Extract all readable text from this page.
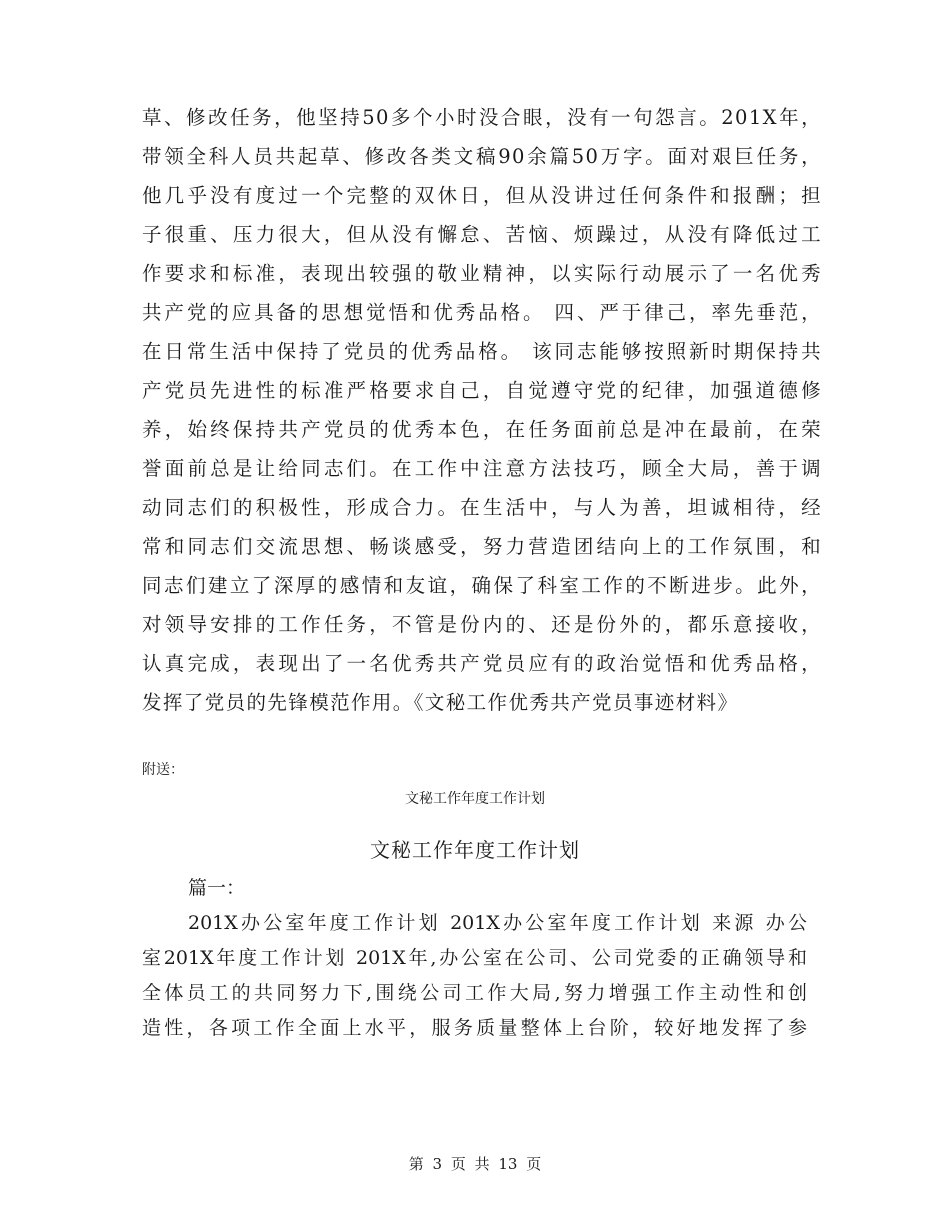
草、修改任务，他坚持50多个小时没合眼，没有一句怨言。201X年，
带领全科人员共起草、修改各类文稿90余篇50万字。面对艰巨任务，
他几乎没有度过一个完整的双休日，但从没讲过任何条件和报酬；担
子很重、压力很大，但从没有懈怠、苦恼、烦躁过，从没有降低过工
作要求和标准，表现出较强的敬业精神，以实际行动展示了一名优秀
共产党的应具备的思想觉悟和优秀品格。 四、严于律己，率先垂范，
在日常生活中保持了党员的优秀品格。 该同志能够按照新时期保持共
产党员先进性的标准严格要求自己，自觉遵守党的纪律，加强道德修
养，始终保持共产党员的优秀本色，在任务面前总是冲在最前，在荣
誉面前总是让给同志们。在工作中注意方法技巧，顾全大局，善于调
动同志们的积极性，形成合力。在生活中，与人为善，坦诚相待，经
常和同志们交流思想、畅谈感受，努力营造团结向上的工作氛围，和
同志们建立了深厚的感情和友谊，确保了科室工作的不断进步。此外，
对领导安排的工作任务，不管是份内的、还是份外的，都乐意接收，
认真完成，表现出了一名优秀共产党员应有的政治觉悟和优秀品格，
发挥了党员的先锋模范作用。《文秘工作优秀共产党员事迹材料》
附送：
文秘工作年度工作计划
文秘工作年度工作计划
篇一：
201X办公室年度工作计划 201X办公室年度工作计划 来源 办公
室201X年度工作计划 201X年,办公室在公司、公司党委的正确领导和
全体员工的共同努力下,围绕公司工作大局,努力增强工作主动性和创
造性，各项工作全面上水平，服务质量整体上台阶，较好地发挥了参
第 3 页 共 13 页
